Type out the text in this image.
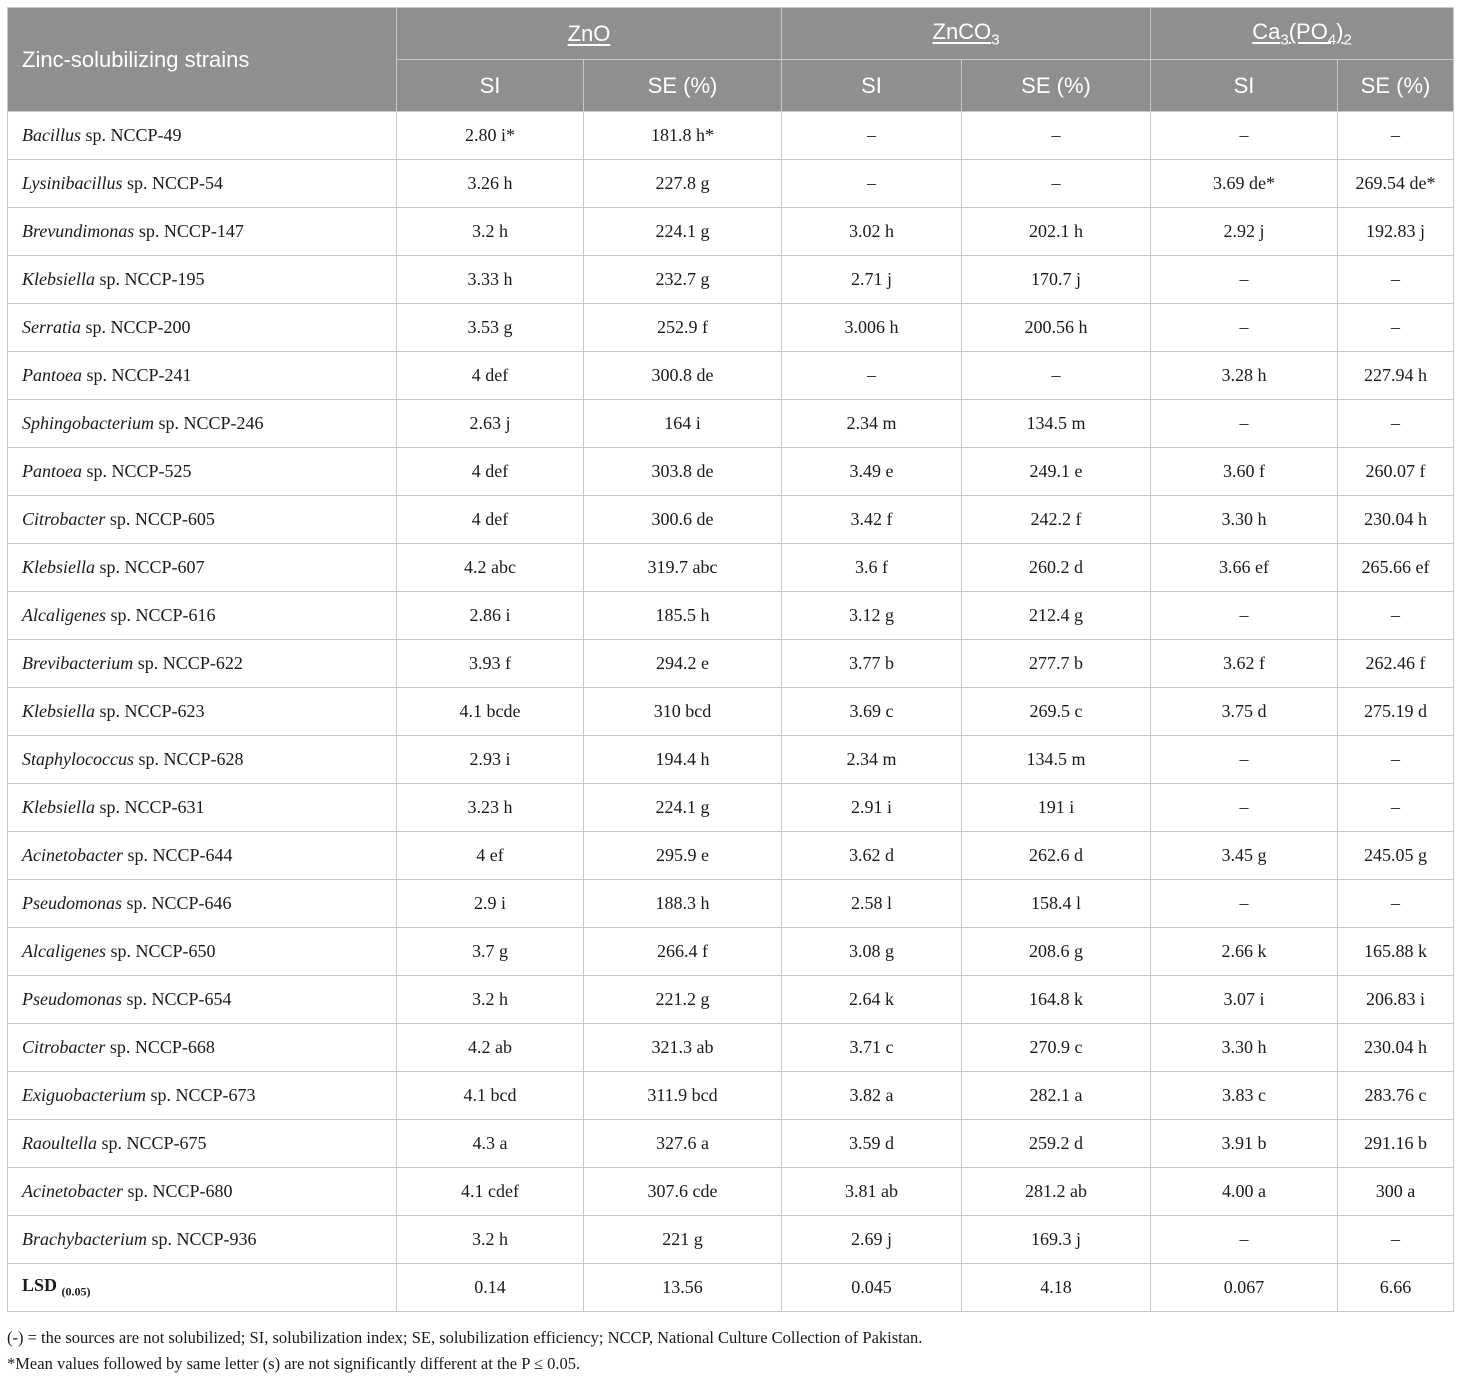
Zinc-solubilizing strains	ZnO		ZnCO$_3$		$Ca_3(PO_4)_2$
	SI	SE (%)	SI	SE (%)	SI	SE (%)
Bacillus sp. NCCP-49	2.80 i*	181.8 h*	–	–	–	–
Lysinibacillus sp. NCCP-54	3.26 h	227.8 g	–	–	3.69 de*	269.54 de*
Brevundimonas sp. NCCP-147	3.2 h	224.1 g	3.02 h	202.1 h	2.92 j	192.83 j
Klebsiella sp. NCCP-195	3.33 h	232.7 g	2.71 j	170.7 j	–	–
Serratia sp. NCCP-200	3.53 g	252.9 f	3.006 h	200.56 h	–	–
Pantoea sp. NCCP-241	4 def	300.8 de	–	–	3.28 h	227.94 h
Sphingobacterium sp. NCCP-246	2.63 j	164 i	2.34 m	134.5 m	–	–
Pantoea sp. NCCP-525	4 def	303.8 de	3.49 e	249.1 e	3.60 f	260.07 f
Citrobacter sp. NCCP-605	4 def	300.6 de	3.42 f	242.2 f	3.30 h	230.04 h
Klebsiella sp. NCCP-607	4.2 abc	319.7 abc	3.6 f	260.2 d	3.66 ef	265.66 ef
Alcaligenes sp. NCCP-616	2.86 i	185.5 h	3.12 g	212.4 g	–	–
Brevibacterium sp. NCCP-622	3.93 f	294.2 e	3.77 b	277.7 b	3.62 f	262.46 f
Klebsiella sp. NCCP-623	4.1 bcde	310 bcd	3.69 c	269.5 c	3.75 d	275.19 d
Staphylococcus sp. NCCP-628	2.93 i	194.4 h	2.34 m	134.5 m	–	–
Klebsiella sp. NCCP-631	3.23 h	224.1 g	2.91 i	191 i	–	–
Acinetobacter sp. NCCP-644	4 ef	295.9 e	3.62 d	262.6 d	3.45 g	245.05 g
Pseudomonas sp. NCCP-646	2.9 i	188.3 h	2.58 l	158.4 l	–	–
Alcaligenes sp. NCCP-650	3.7 g	266.4 f	3.08 g	208.6 g	2.66 k	165.88 k
Pseudomonas sp. NCCP-654	3.2 h	221.2 g	2.64 k	164.8 k	3.07 i	206.83 i
Citrobacter sp. NCCP-668	4.2 ab	321.3 ab	3.71 c	270.9 c	3.30 h	230.04 h
Exiguobacterium sp. NCCP-673	4.1 bcd	311.9 bcd	3.82 a	282.1 a	3.83 c	283.76 c
Raoultella sp. NCCP-675	4.3 a	327.6 a	3.59 d	259.2 d	3.91 b	291.16 b
Acinetobacter sp. NCCP-680	4.1 cdef	307.6 cde	3.81 ab	281.2 ab	4.00 a	300 a
Brachybacterium sp. NCCP-936	3.2 h	221 g	2.69 j	169.3 j	–	–
LSD $_{(0.05)}$	0.14	13.56	0.045	4.18	0.067	6.66
(-) = the sources are not solubilized; SI, solubilization index; SE, solubilization efficiency; NCCP, National Culture Collection of Pakistan.
*Mean values followed by same letter (s) are not significantly different at the P ≤ 0.05.
